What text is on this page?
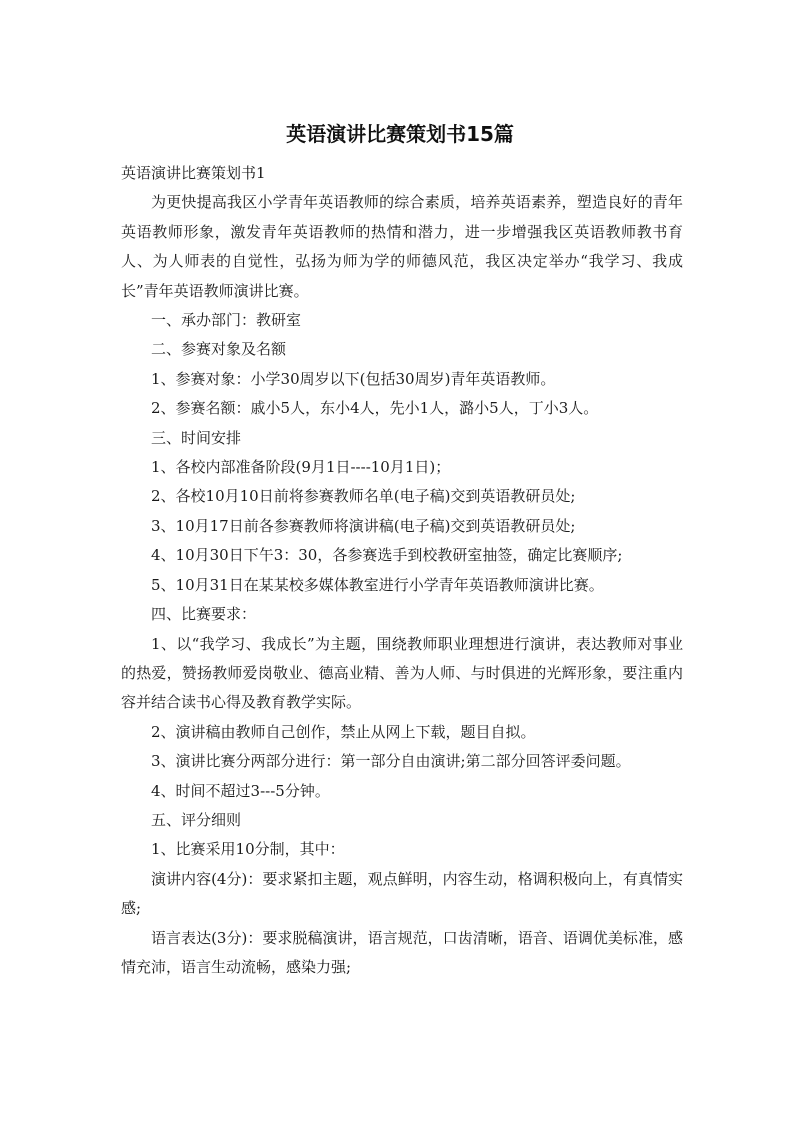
英语演讲比赛策划书15篇

英语演讲比赛策划书1

为更快提高我区小学青年英语教师的综合素质，培养英语素养，塑造良好的青年英语教师形象，激发青年英语教师的热情和潜力，进一步增强我区英语教师教书育人、为人师表的自觉性，弘扬为师为学的师德风范，我区决定举办“我学习、我成长”青年英语教师演讲比赛。

一、承办部门：教研室

二、参赛对象及名额

1、参赛对象：小学30周岁以下(包括30周岁)青年英语教师。

2、参赛名额：戚小5人，东小4人，先小1人，潞小5人，丁小3人。

三、时间安排

1、各校内部准备阶段(9月1日----10月1日)；

2、各校10月10日前将参赛教师名单(电子稿)交到英语教研员处;

3、10月17日前各参赛教师将演讲稿(电子稿)交到英语教研员处;

4、10月30日下午3：30，各参赛选手到校教研室抽签，确定比赛顺序;

5、10月31日在某某校多媒体教室进行小学青年英语教师演讲比赛。

四、比赛要求：

1、以“我学习、我成长”为主题，围绕教师职业理想进行演讲，表达教师对事业的热爱，赞扬教师爱岗敬业、德高业精、善为人师、与时俱进的光辉形象，要注重内容并结合读书心得及教育教学实际。

2、演讲稿由教师自己创作，禁止从网上下载，题目自拟。

3、演讲比赛分两部分进行：第一部分自由演讲;第二部分回答评委问题。

4、时间不超过3---5分钟。

五、评分细则

1、比赛采用10分制，其中：

演讲内容(4分)：要求紧扣主题，观点鲜明，内容生动，格调积极向上，有真情实感;

语言表达(3分)：要求脱稿演讲，语言规范，口齿清晰，语音、语调优美标准，感情充沛，语言生动流畅，感染力强;
